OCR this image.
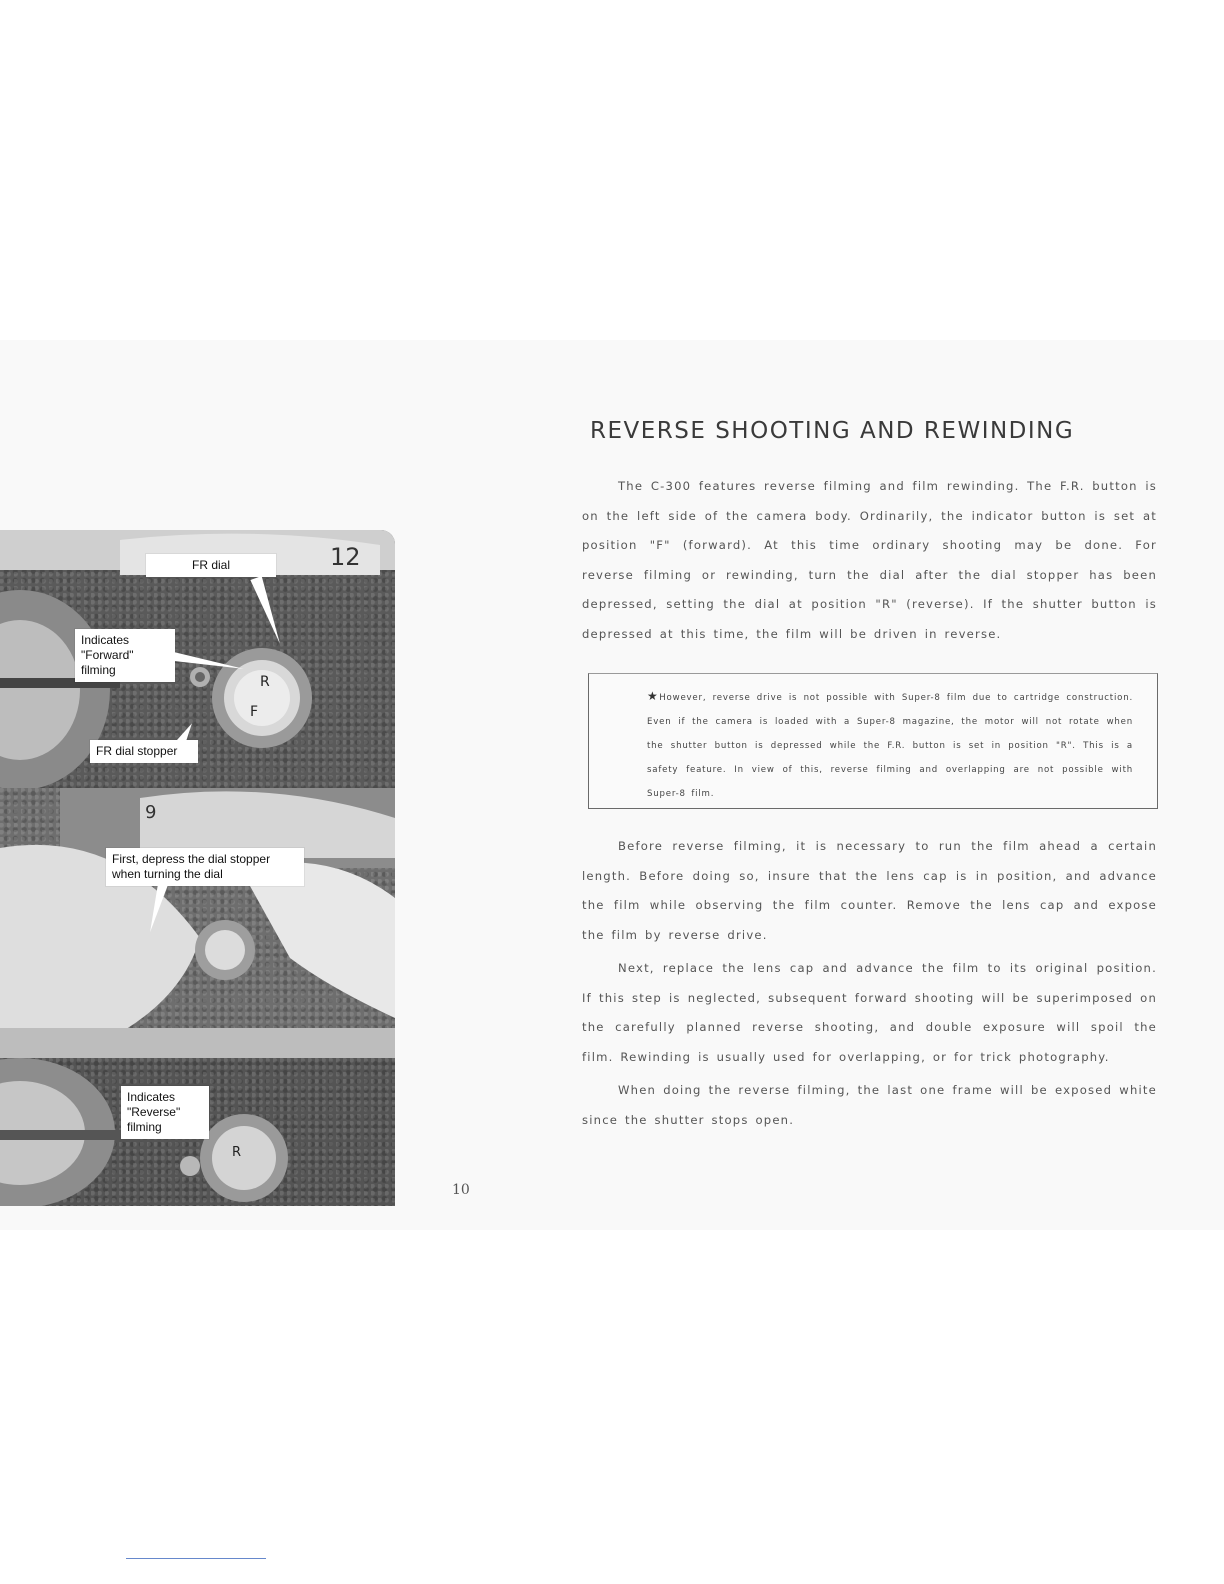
12
F
R
FR dial
Indicates "Forward" filming
FR dial stopper
9
First, depress the dial stopper when turning the dial
R
Indicates "Reverse" filming
10
REVERSE SHOOTING AND REWINDING

The C-300 features reverse filming and film rewinding. The F.R. button is on the left side of the camera body. Ordinarily, the indicator button is set at position "F" (forward). At this time ordinary shooting may be done. For reverse filming or rewinding, turn the dial after the dial stopper has been depressed, setting the dial at position "R" (reverse). If the shutter button is depressed at this time, the film will be driven in reverse.

★However, reverse drive is not possible with Super-8 film due to cartridge construction. Even if the camera is loaded with a Super-8 magazine, the motor will not rotate when the shutter button is depressed while the F.R. button is set in position "R". This is a safety feature. In view of this, reverse filming and overlapping are not possible with Super-8 film.

Before reverse filming, it is necessary to run the film ahead a certain length. Before doing so, insure that the lens cap is in position, and advance the film while observing the film counter. Remove the lens cap and expose the film by reverse drive.

Next, replace the lens cap and advance the film to its original position. If this step is neglected, subsequent forward shooting will be superimposed on the carefully planned reverse shooting, and double exposure will spoil the film. Rewinding is usually used for overlapping, or for trick photography.

When doing the reverse filming, the last one frame will be exposed white since the shutter stops open.
